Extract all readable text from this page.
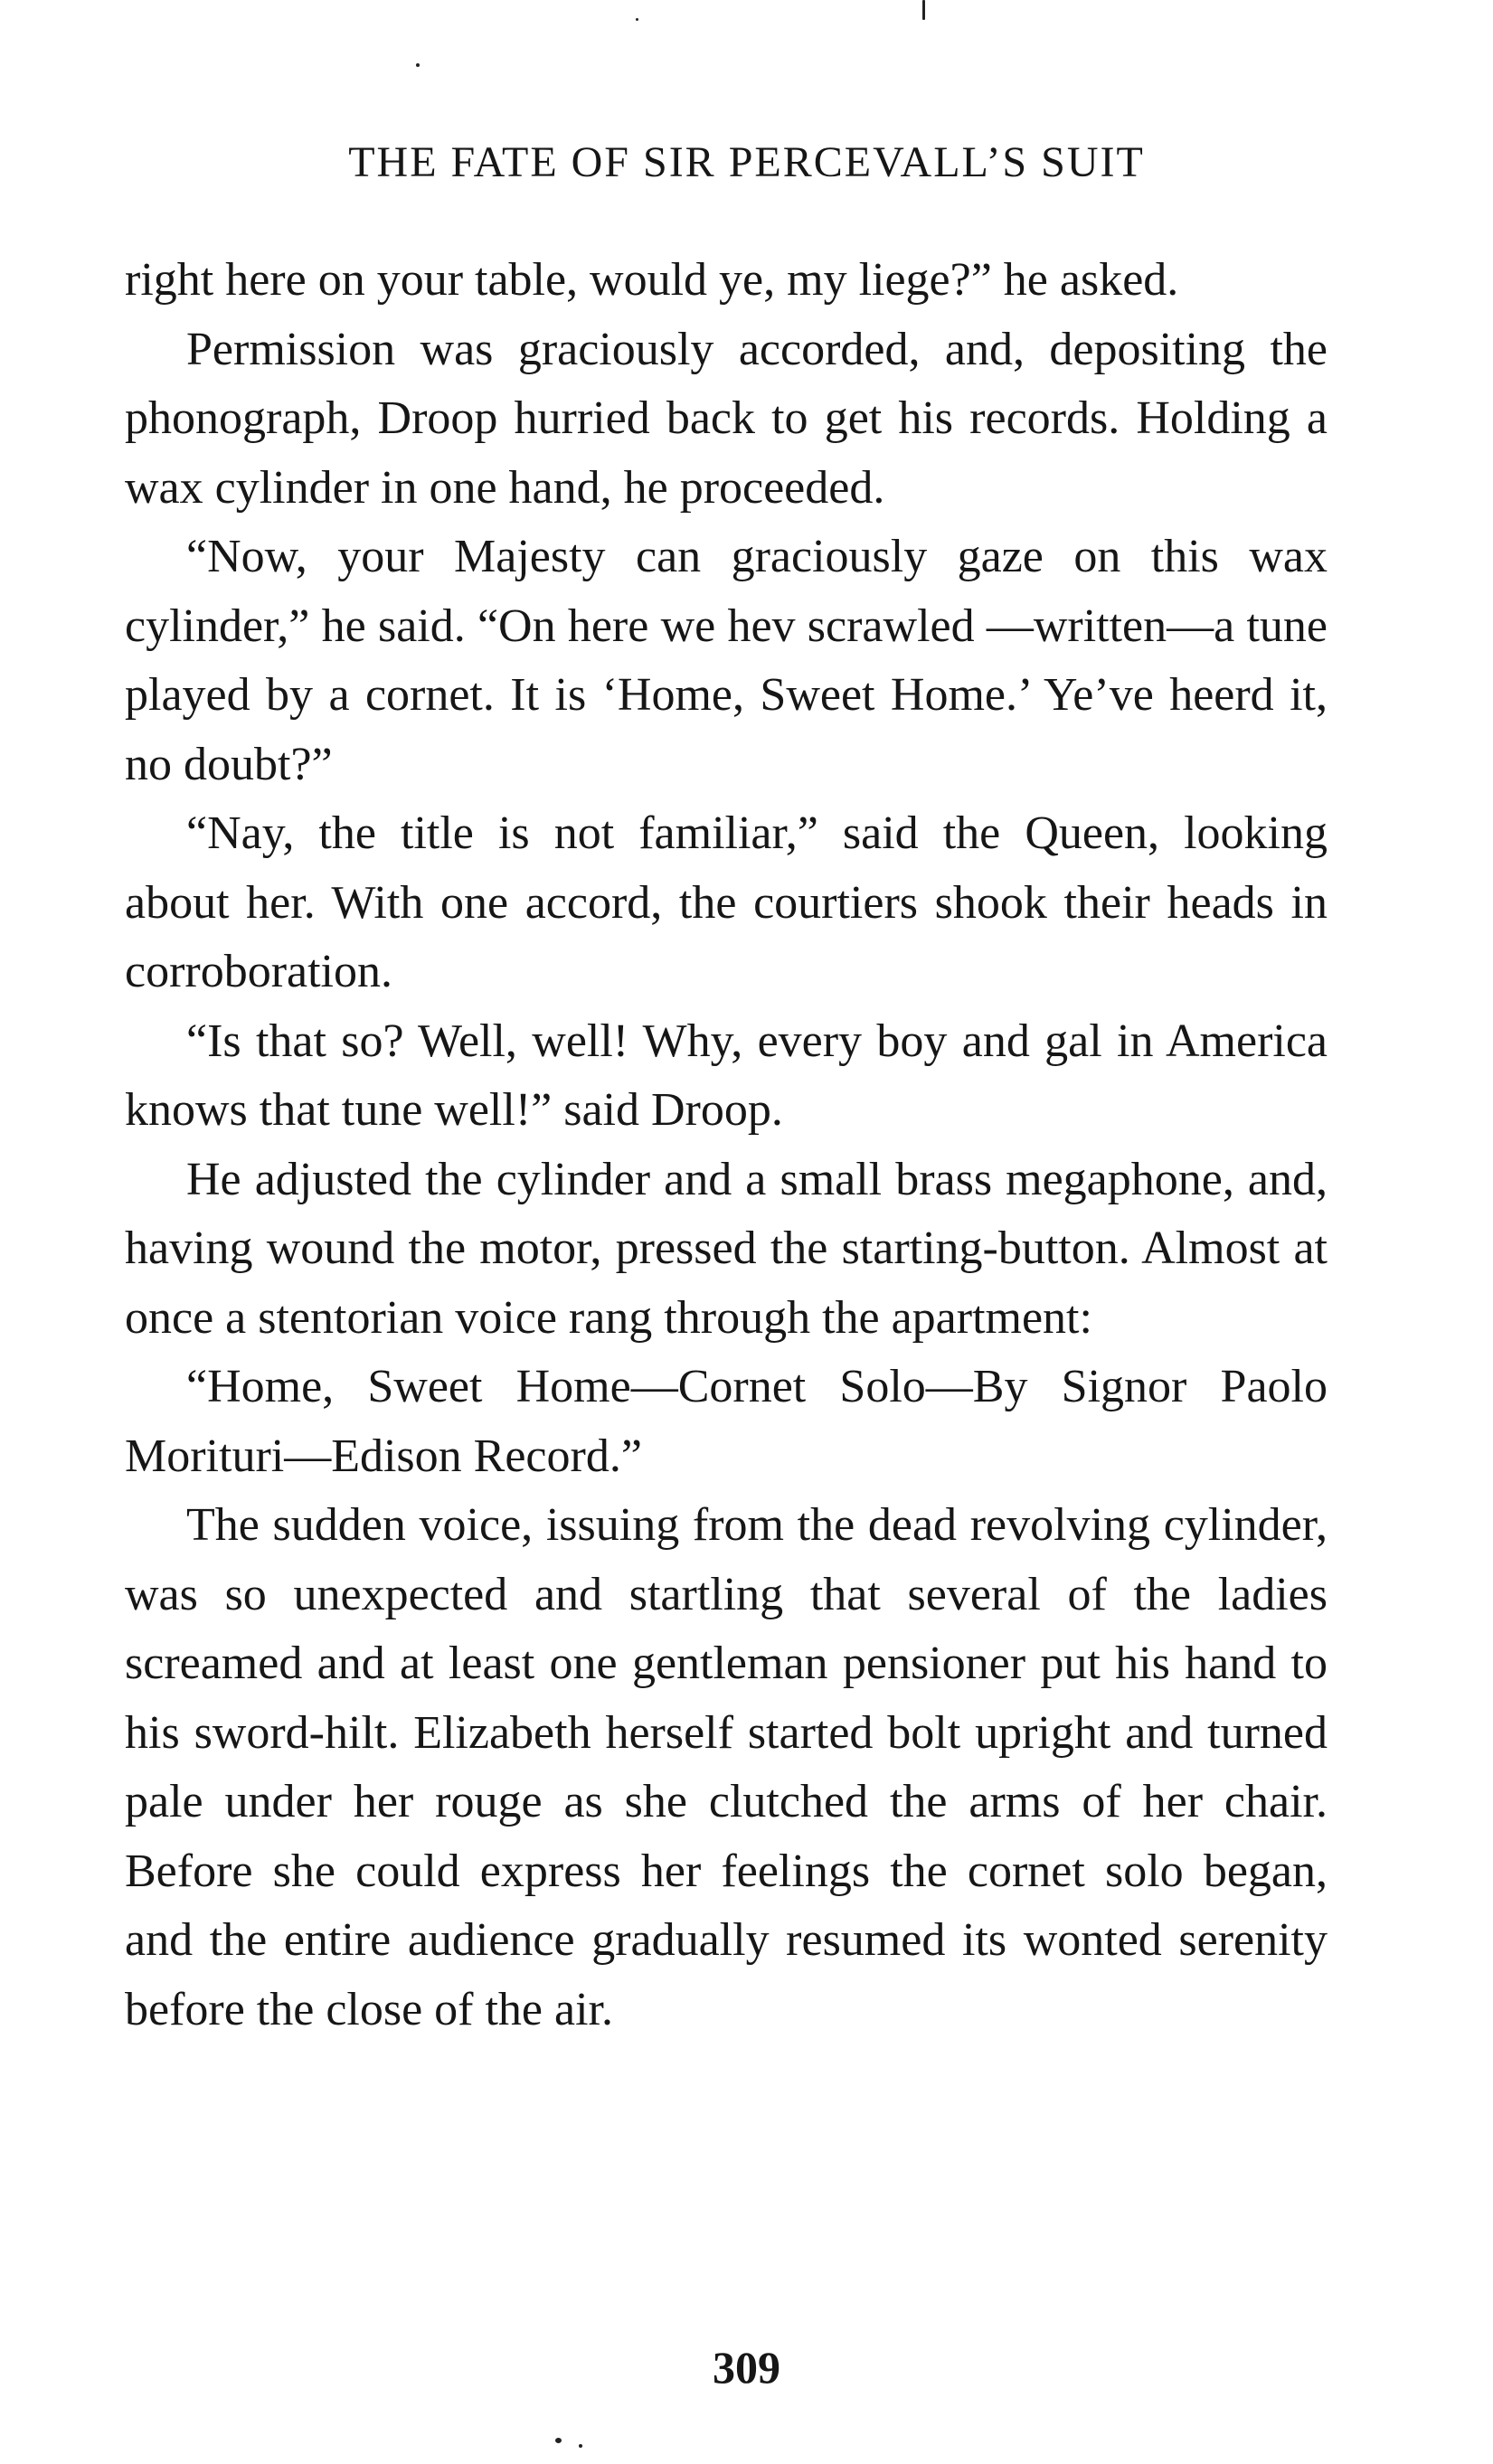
THE FATE OF SIR PERCEVALL’S SUIT

right here on your table, would ye, my liege?” he asked.

Permission was graciously accorded, and, depositing the phonograph, Droop hurried back to get his records. Holding a wax cylinder in one hand, he proceeded.

“Now, your Majesty can graciously gaze on this wax cylinder,” he said. “On here we hev scrawled —written—a tune played by a cornet. It is ‘Home, Sweet Home.’ Ye’ve heerd it, no doubt?”

“Nay, the title is not familiar,” said the Queen, looking about her. With one accord, the courtiers shook their heads in corroboration.

“Is that so? Well, well! Why, every boy and gal in America knows that tune well!” said Droop.

He adjusted the cylinder and a small brass megaphone, and, having wound the motor, pressed the starting-button. Almost at once a stentorian voice rang through the apartment:

“Home, Sweet Home—Cornet Solo—By Signor Paolo Morituri—Edison Record.”

The sudden voice, issuing from the dead revolving cylinder, was so unexpected and startling that several of the ladies screamed and at least one gentleman pensioner put his hand to his sword-hilt. Elizabeth herself started bolt upright and turned pale under her rouge as she clutched the arms of her chair. Before she could express her feelings the cornet solo began, and the entire audience gradually resumed its wonted serenity before the close of the air.

309
